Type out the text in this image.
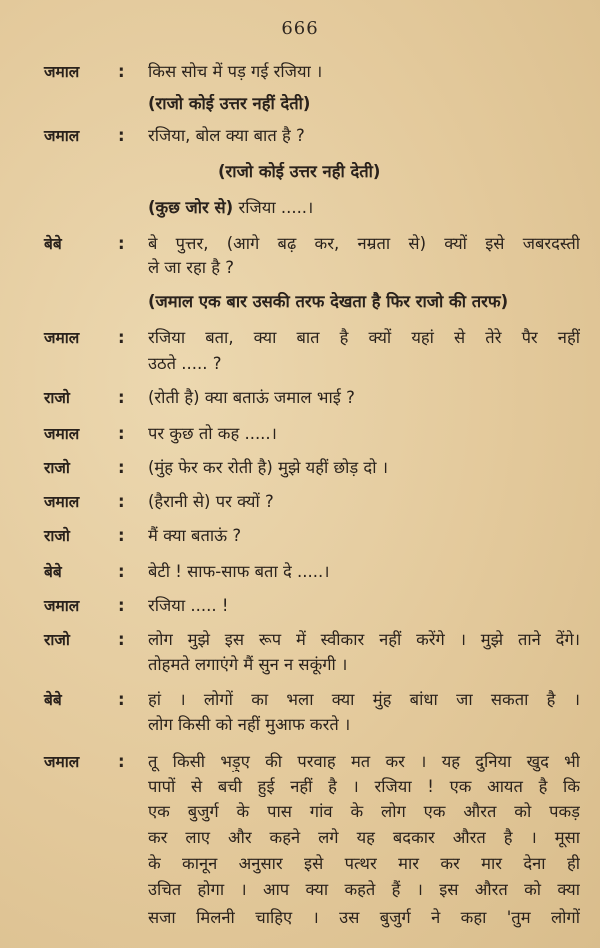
666
जमाल : किस सोच में पड़ गई रजिया ।
(राजो कोई उत्तर नहीं देती)
जमाल : रजिया, बोल क्या बात है ?
(राजो कोई उत्तर नही देती)
(कुछ जोर से) रजिया .....।
बेबे	: बे पुत्तर, (आगे बढ़ कर, नम्रता से) क्यों इसे जबरदस्ती
ले जा रहा है ?
(जमाल एक बार उसकी तरफ देखता है फिर राजो की तरफ)
जमाल : रजिया बता, क्या बात है क्यों यहां से तेरे पैर नहीं
उठते ..... ?
राजो	: (रोती है) क्या बताऊं जमाल भाई ?
जमाल : पर कुछ तो कह .....।
राजो	: (मुंह फेर कर रोती है) मुझे यहीं छोड़ दो ।
जमाल : (हैरानी से) पर क्यों ?
राजो	: मैं क्या बताऊं ?
बेबे	: बेटी ! साफ-साफ बता दे .....।
जमाल : रजिया ..... !
राजो	: लोग मुझे इस रूप में स्वीकार नहीं करेंगे । मुझे ताने देंगे।
तोहमते लगाएंगे मैं सुन न सकूंगी ।
बेबे	: हां । लोगों का भला क्या मुंह बांधा जा सकता है ।
लोग किसी को नहीं मुआफ करते ।
जमाल : तू किसी भड़ुए की परवाह मत कर । यह दुनिया खुद भी
पापों से बची हुई नहीं है । रजिया ! एक आयत है कि
एक बुजुर्ग के पास गांव के लोग एक औरत को पकड़
कर लाए और कहने लगे यह बदकार औरत है । मूसा
के कानून अनुसार इसे पत्थर मार कर मार देना ही
उचित होगा । आप क्या कहते हैं । इस औरत को क्या
सजा मिलनी चाहिए । उस बुजुर्ग ने कहा 'तुम लोगों
